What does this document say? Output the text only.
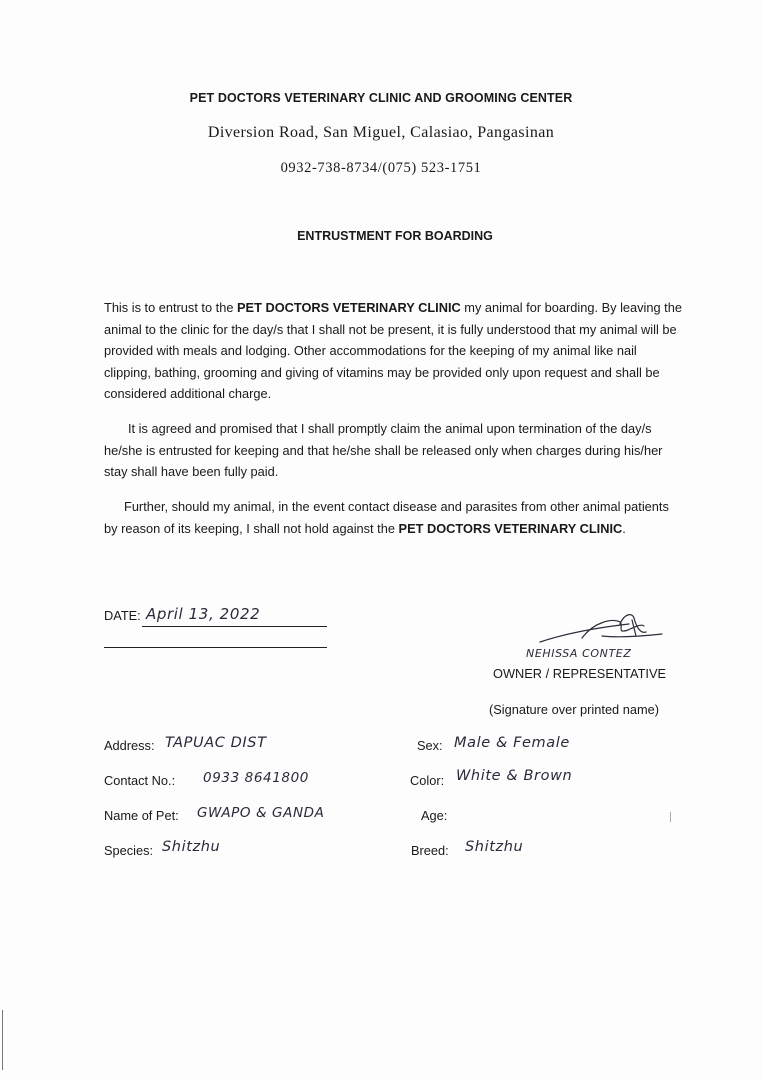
PET DOCTORS VETERINARY CLINIC AND GROOMING CENTER
Diversion Road, San Miguel, Calasiao, Pangasinan
0932-738-8734/(075) 523-1751
ENTRUSTMENT FOR BOARDING

This is to entrust to the PET DOCTORS VETERINARY CLINIC my animal for boarding. By leaving the animal to the clinic for the day/s that I shall not be present, it is fully understood that my animal will be provided with meals and lodging. Other accommodations for the keeping of my animal like nail clipping, bathing, grooming and giving of vitamins may be provided only upon request and shall be considered additional charge.

It is agreed and promised that I shall promptly claim the animal upon termination of the day/s he/she is entrusted for keeping and that he/she shall be released only when charges during his/her stay shall have been fully paid.

Further, should my animal, in the event contact disease and parasites from other animal patients by reason of its keeping, I shall not hold against the PET DOCTORS VETERINARY CLINIC.

DATE: April 13, 2022
NEHISSA CONTEZ
OWNER / REPRESENTATIVE
(Signature over printed name)
Address: TAPUAC DIST
Contact No.: 0933 8641800
Name of Pet: GWAPO & GANDA
Species: Shitzhu
Sex: Male & Female
Color: White & Brown
Age:
Breed: Shitzhu
